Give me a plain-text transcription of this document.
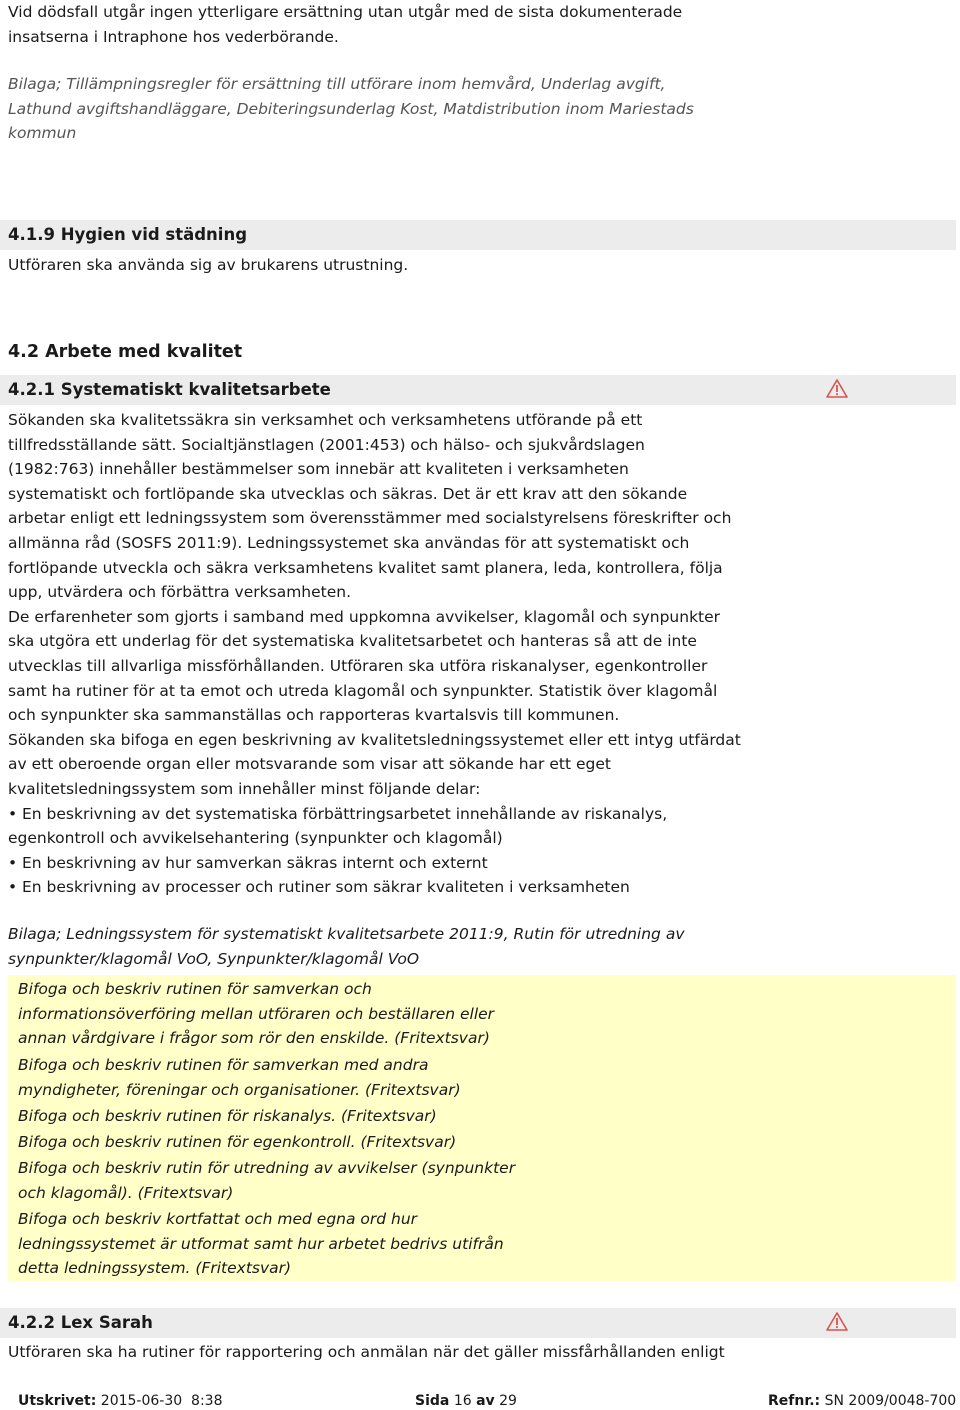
Vid dödsfall utgår ingen ytterligare ersättning utan utgår med de sista dokumenterade
insatserna i Intraphone hos vederbörande.

Bilaga; Tillämpningsregler för ersättning till utförare inom hemvård, Underlag avgift,
Lathund avgiftshandläggare, Debiteringsunderlag Kost, Matdistribution inom Mariestads
kommun

4.1.9 Hygien vid städning

Utföraren ska använda sig av brukarens utrustning.

4.2 Arbete med kvalitet
4.2.1 Systematiskt kvalitetsarbete

Sökanden ska kvalitetssäkra sin verksamhet och verksamhetens utförande på ett
tillfredsställande sätt. Socialtjänstlagen (2001:453) och hälso- och sjukvårdslagen
(1982:763) innehåller bestämmelser som innebär att kvaliteten i verksamheten
systematiskt och fortlöpande ska utvecklas och säkras. Det är ett krav att den sökande
arbetar enligt ett ledningssystem som överensstämmer med socialstyrelsens föreskrifter och
allmänna råd (SOSFS 2011:9). Ledningssystemet ska användas för att systematiskt och
fortlöpande utveckla och säkra verksamhetens kvalitet samt planera, leda, kontrollera, följa
upp, utvärdera och förbättra verksamheten.
De erfarenheter som gjorts i samband med uppkomna avvikelser, klagomål och synpunkter
ska utgöra ett underlag för det systematiska kvalitetsarbetet och hanteras så att de inte
utvecklas till allvarliga missförhållanden. Utföraren ska utföra riskanalyser, egenkontroller
samt ha rutiner för at ta emot och utreda klagomål och synpunkter. Statistik över klagomål
och synpunkter ska sammanställas och rapporteras kvartalsvis till kommunen.
Sökanden ska bifoga en egen beskrivning av kvalitetsledningssystemet eller ett intyg utfärdat
av ett oberoende organ eller motsvarande som visar att sökande har ett eget
kvalitetsledningssystem som innehåller minst följande delar:
• En beskrivning av det systematiska förbättringsarbetet innehållande av riskanalys,
egenkontroll och avvikelsehantering (synpunkter och klagomål)
• En beskrivning av hur samverkan säkras internt och externt
• En beskrivning av processer och rutiner som säkrar kvaliteten i verksamheten

Bilaga; Ledningssystem för systematiskt kvalitetsarbete 2011:9, Rutin för utredning av
synpunkter/klagomål VoO, Synpunkter/klagomål VoO

Bifoga och beskriv rutinen för samverkan och
informationsöverföring mellan utföraren och beställaren eller
annan vårdgivare i frågor som rör den enskilde. (Fritextsvar)

Bifoga och beskriv rutinen för samverkan med andra
myndigheter, föreningar och organisationer. (Fritextsvar)

Bifoga och beskriv rutinen för riskanalys. (Fritextsvar)

Bifoga och beskriv rutinen för egenkontroll. (Fritextsvar)

Bifoga och beskriv rutin för utredning av avvikelser (synpunkter
och klagomål). (Fritextsvar)

Bifoga och beskriv kortfattat och med egna ord hur
ledningssystemet är utformat samt hur arbetet bedrivs utifrån
detta ledningssystem. (Fritextsvar)

4.2.2 Lex Sarah

Utföraren ska ha rutiner för rapportering och anmälan när det gäller missfårhållanden enligt

Utskrivet: 2015-06-30  8:38	Sida 16 av 29	Refnr.: SN 2009/0048-700
